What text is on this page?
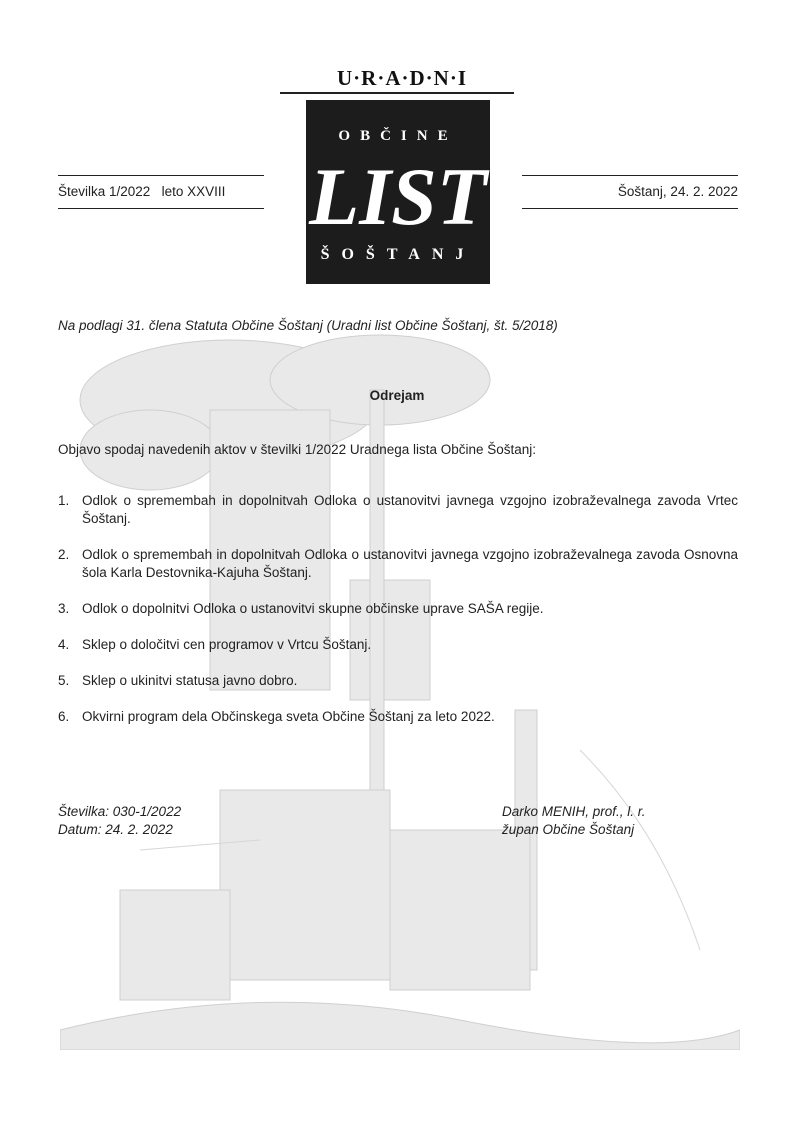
U·R·A·D·N·I
OBČINE
LIST
ŠOŠTANJ
Številka 1/2022 leto XXVIII	Šoštanj, 24. 2. 2022
Na podlagi 31. člena Statuta Občine Šoštanj (Uradni list Občine Šoštanj, št. 5/2018)
Odrejam
Objavo spodaj navedenih aktov v številki 1/2022 Uradnega lista Občine Šoštanj:
1. Odlok o spremembah in dopolnitvah Odloka o ustanovitvi javnega vzgojno izobraževalnega zavoda Vrtec Šoštanj.
2. Odlok o spremembah in dopolnitvah Odloka o ustanovitvi javnega vzgojno izobraževalnega zavoda Osnovna šola Karla Destovnika-Kajuha Šoštanj.
3. Odlok o dopolnitvi Odloka o ustanovitvi skupne občinske uprave SAŠA regije.
4. Sklep o določitvi cen programov v Vrtcu Šoštanj.
5. Sklep o ukinitvi statusa javno dobro.
6. Okvirni program dela Občinskega sveta Občine Šoštanj za leto 2022.
Številka: 030-1/2022
Datum: 24. 2. 2022
Darko MENIH, prof., l. r.
župan Občine Šoštanj
